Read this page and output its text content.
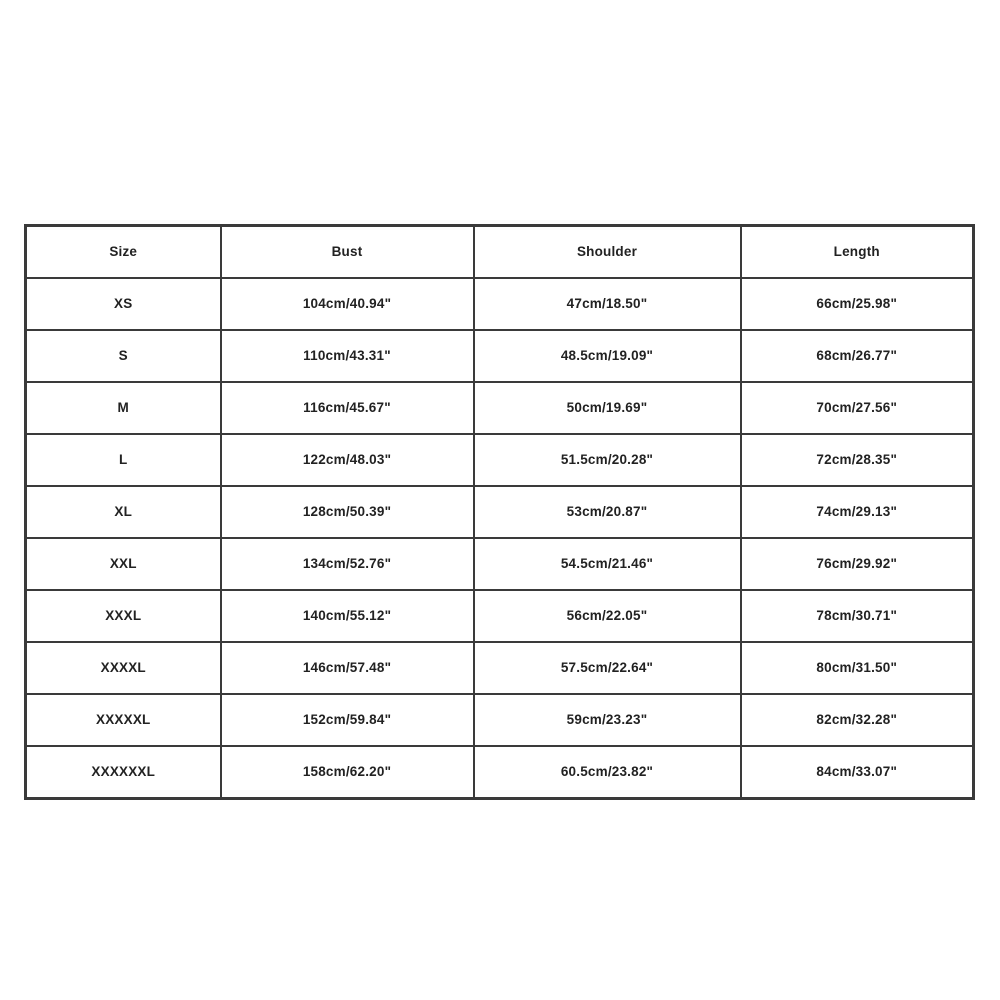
Size	Bust	Shoulder	Length
XS	104cm/40.94"	47cm/18.50"	66cm/25.98"
S	110cm/43.31"	48.5cm/19.09"	68cm/26.77"
M	116cm/45.67"	50cm/19.69"	70cm/27.56"
L	122cm/48.03"	51.5cm/20.28"	72cm/28.35"
XL	128cm/50.39"	53cm/20.87"	74cm/29.13"
XXL	134cm/52.76"	54.5cm/21.46"	76cm/29.92"
XXXL	140cm/55.12"	56cm/22.05"	78cm/30.71"
XXXXL	146cm/57.48"	57.5cm/22.64"	80cm/31.50"
XXXXXL	152cm/59.84"	59cm/23.23"	82cm/32.28"
XXXXXXL	158cm/62.20"	60.5cm/23.82"	84cm/33.07"
